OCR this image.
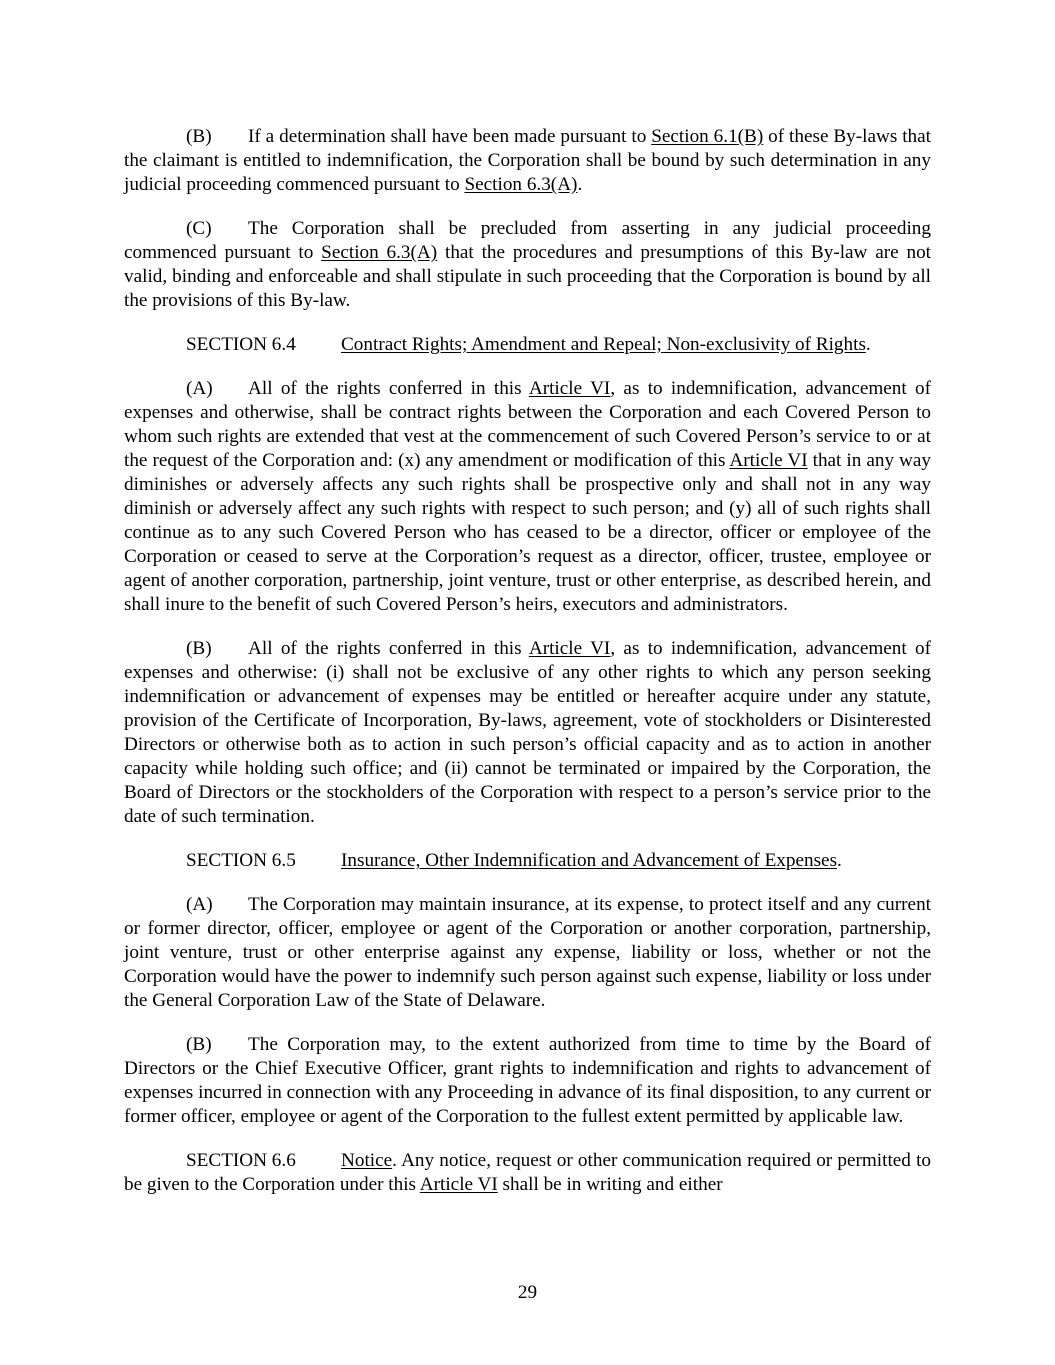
(B) If a determination shall have been made pursuant to Section 6.1(B) of these By-laws that the claimant is entitled to indemnification, the Corporation shall be bound by such determination in any judicial proceeding commenced pursuant to Section 6.3(A).

(C) The Corporation shall be precluded from asserting in any judicial proceeding commenced pursuant to Section 6.3(A) that the procedures and presumptions of this By-law are not valid, binding and enforceable and shall stipulate in such proceeding that the Corporation is bound by all the provisions of this By-law.

SECTION 6.4 Contract Rights; Amendment and Repeal; Non-exclusivity of Rights.

(A) All of the rights conferred in this Article VI, as to indemnification, advancement of expenses and otherwise, shall be contract rights between the Corporation and each Covered Person to whom such rights are extended that vest at the commencement of such Covered Person’s service to or at the request of the Corporation and: (x) any amendment or modification of this Article VI that in any way diminishes or adversely affects any such rights shall be prospective only and shall not in any way diminish or adversely affect any such rights with respect to such person; and (y) all of such rights shall continue as to any such Covered Person who has ceased to be a director, officer or employee of the Corporation or ceased to serve at the Corporation’s request as a director, officer, trustee, employee or agent of another corporation, partnership, joint venture, trust or other enterprise, as described herein, and shall inure to the benefit of such Covered Person’s heirs, executors and administrators.

(B) All of the rights conferred in this Article VI, as to indemnification, advancement of expenses and otherwise: (i) shall not be exclusive of any other rights to which any person seeking indemnification or advancement of expenses may be entitled or hereafter acquire under any statute, provision of the Certificate of Incorporation, By-laws, agreement, vote of stockholders or Disinterested Directors or otherwise both as to action in such person’s official capacity and as to action in another capacity while holding such office; and (ii) cannot be terminated or impaired by the Corporation, the Board of Directors or the stockholders of the Corporation with respect to a person’s service prior to the date of such termination.

SECTION 6.5 Insurance, Other Indemnification and Advancement of Expenses.

(A) The Corporation may maintain insurance, at its expense, to protect itself and any current or former director, officer, employee or agent of the Corporation or another corporation, partnership, joint venture, trust or other enterprise against any expense, liability or loss, whether or not the Corporation would have the power to indemnify such person against such expense, liability or loss under the General Corporation Law of the State of Delaware.

(B) The Corporation may, to the extent authorized from time to time by the Board of Directors or the Chief Executive Officer, grant rights to indemnification and rights to advancement of expenses incurred in connection with any Proceeding in advance of its final disposition, to any current or former officer, employee or agent of the Corporation to the fullest extent permitted by applicable law.

SECTION 6.6 Notice. Any notice, request or other communication required or permitted to be given to the Corporation under this Article VI shall be in writing and either

29
